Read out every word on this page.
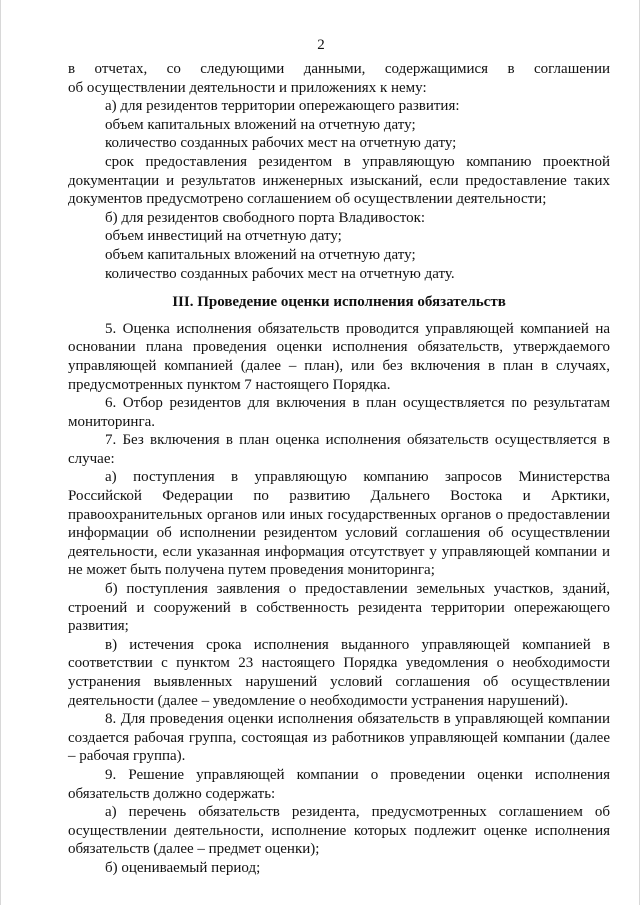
2

в отчетах, со следующими данными, содержащимися в соглашении

об осуществлении деятельности и приложениях к нему:

а) для резидентов территории опережающего развития:

объем капитальных вложений на отчетную дату;

количество созданных рабочих мест на отчетную дату;

срок предоставления резидентом в управляющую компанию проектной документации и результатов инженерных изысканий, если предоставление таких документов предусмотрено соглашением об осуществлении деятельности;

б) для резидентов свободного порта Владивосток:

объем инвестиций на отчетную дату;

объем капитальных вложений на отчетную дату;

количество созданных рабочих мест на отчетную дату.

III. Проведение оценки исполнения обязательств

5. Оценка исполнения обязательств проводится управляющей компанией на основании плана проведения оценки исполнения обязательств, утверждаемого управляющей компанией (далее – план), или без включения в план в случаях, предусмотренных пунктом 7 настоящего Порядка.

6. Отбор резидентов для включения в план осуществляется по результатам мониторинга.

7. Без включения в план оценка исполнения обязательств осуществляется в случае:

а) поступления в управляющую компанию запросов Министерства Российской Федерации по развитию Дальнего Востока и Арктики, правоохранительных органов или иных государственных органов о предоставлении информации об исполнении резидентом условий соглашения об осуществлении деятельности, если указанная информация отсутствует у управляющей компании и не может быть получена путем проведения мониторинга;

б) поступления заявления о предоставлении земельных участков, зданий, строений и сооружений в собственность резидента территории опережающего развития;

в) истечения срока исполнения выданного управляющей компанией в соответствии с пунктом 23 настоящего Порядка уведомления о необходимости устранения выявленных нарушений условий соглашения об осуществлении деятельности (далее – уведомление о необходимости устранения нарушений).

8. Для проведения оценки исполнения обязательств в управляющей компании создается рабочая группа, состоящая из работников управляющей компании (далее – рабочая группа).

9. Решение управляющей компании о проведении оценки исполнения обязательств должно содержать:

а) перечень обязательств резидента, предусмотренных соглашением об осуществлении деятельности, исполнение которых подлежит оценке исполнения обязательств (далее – предмет оценки);

б) оцениваемый период;
